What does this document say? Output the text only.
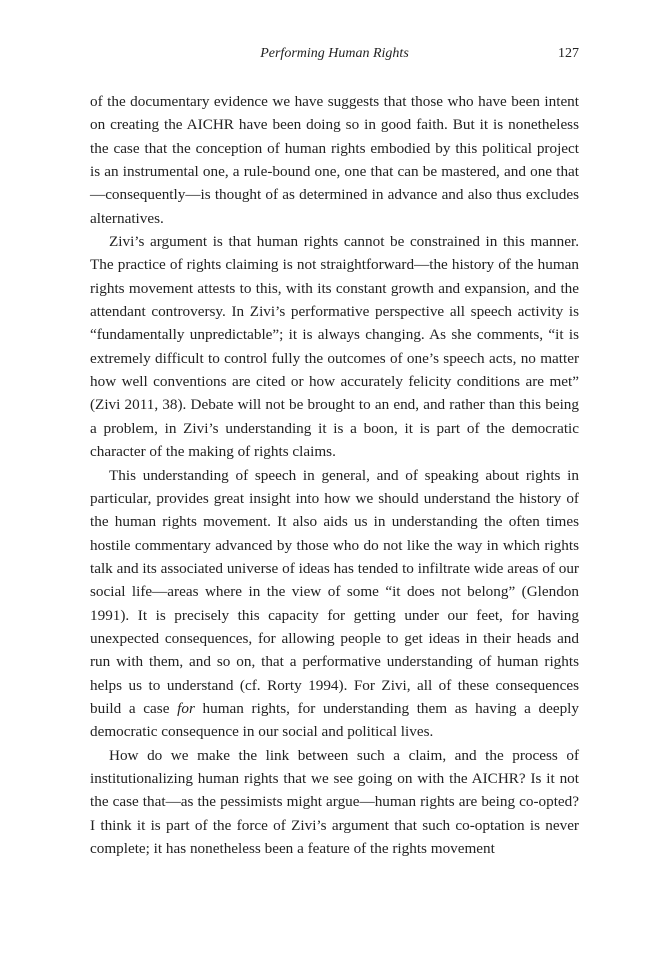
Performing Human Rights	127

of the documentary evidence we have suggests that those who have been intent on creating the AICHR have been doing so in good faith. But it is nonetheless the case that the conception of human rights embodied by this political project is an instrumental one, a rule-bound one, one that can be mastered, and one that—consequently—is thought of as determined in advance and also thus excludes alternatives.

Zivi’s argument is that human rights cannot be constrained in this manner. The practice of rights claiming is not straightforward—the history of the human rights movement attests to this, with its constant growth and expansion, and the attendant controversy. In Zivi’s performative perspective all speech activity is “fundamentally unpredictable”; it is always changing. As she comments, “it is extremely difficult to control fully the outcomes of one’s speech acts, no matter how well conventions are cited or how accurately felicity conditions are met” (Zivi 2011, 38). Debate will not be brought to an end, and rather than this being a problem, in Zivi’s understanding it is a boon, it is part of the democratic character of the making of rights claims.

This understanding of speech in general, and of speaking about rights in particular, provides great insight into how we should understand the history of the human rights movement. It also aids us in understanding the often times hostile commentary advanced by those who do not like the way in which rights talk and its associated universe of ideas has tended to infiltrate wide areas of our social life—areas where in the view of some “it does not belong” (Glendon 1991). It is precisely this capacity for getting under our feet, for having unexpected consequences, for allowing people to get ideas in their heads and run with them, and so on, that a performative understanding of human rights helps us to understand (cf. Rorty 1994). For Zivi, all of these consequences build a case for human rights, for understanding them as having a deeply democratic consequence in our social and political lives.

How do we make the link between such a claim, and the process of institutionalizing human rights that we see going on with the AICHR? Is it not the case that—as the pessimists might argue—human rights are being co-opted? I think it is part of the force of Zivi’s argument that such co-optation is never complete; it has nonetheless been a feature of the rights movement
